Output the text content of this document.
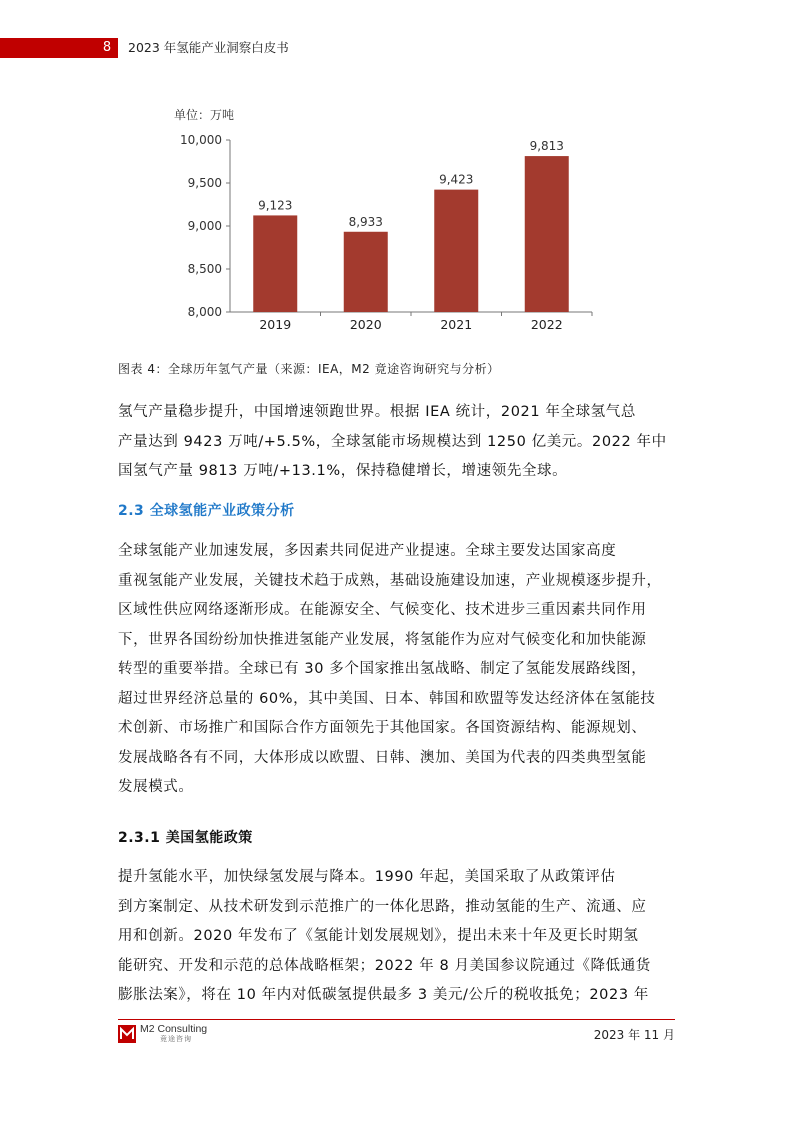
8	2023 年氢能产业洞察白皮书
单位：万吨
8,000
8,500
9,000
9,500
10,000
9,123
2019
8,933
2020
9,423
2021
9,813
2022
图表 4：全球历年氢气产量（来源：IEA，M2 竟途咨询研究与分析）
氢气产量稳步提升，中国增速领跑世界。根据 IEA 统计，2021 年全球氢气总
产量达到 9423 万吨/+5.5%，全球氢能市场规模达到 1250 亿美元。2022 年中
国氢气产量 9813 万吨/+13.1%，保持稳健增长，增速领先全球。
2.3 全球氢能产业政策分析
全球氢能产业加速发展，多因素共同促进产业提速。全球主要发达国家高度
重视氢能产业发展，关键技术趋于成熟，基础设施建设加速，产业规模逐步提升，
区域性供应网络逐渐形成。在能源安全、气候变化、技术进步三重因素共同作用
下，世界各国纷纷加快推进氢能产业发展，将氢能作为应对气候变化和加快能源
转型的重要举措。全球已有 30 多个国家推出氢战略、制定了氢能发展路线图，
超过世界经济总量的 60%，其中美国、日本、韩国和欧盟等发达经济体在氢能技
术创新、市场推广和国际合作方面领先于其他国家。各国资源结构、能源规划、
发展战略各有不同，大体形成以欧盟、日韩、澳加、美国为代表的四类典型氢能
发展模式。
2.3.1 美国氢能政策
提升氢能水平，加快绿氢发展与降本。1990 年起，美国采取了从政策评估
到方案制定、从技术研发到示范推广的一体化思路，推动氢能的生产、流通、应
用和创新。2020 年发布了《氢能计划发展规划》，提出未来十年及更长时期氢
能研究、开发和示范的总体战略框架；2022 年 8 月美国参议院通过《降低通货
膨胀法案》，将在 10 年内对低碳氢提供最多 3 美元/公斤的税收抵免；2023 年
M2 Consulting
竟途咨询	2023 年 11 月
